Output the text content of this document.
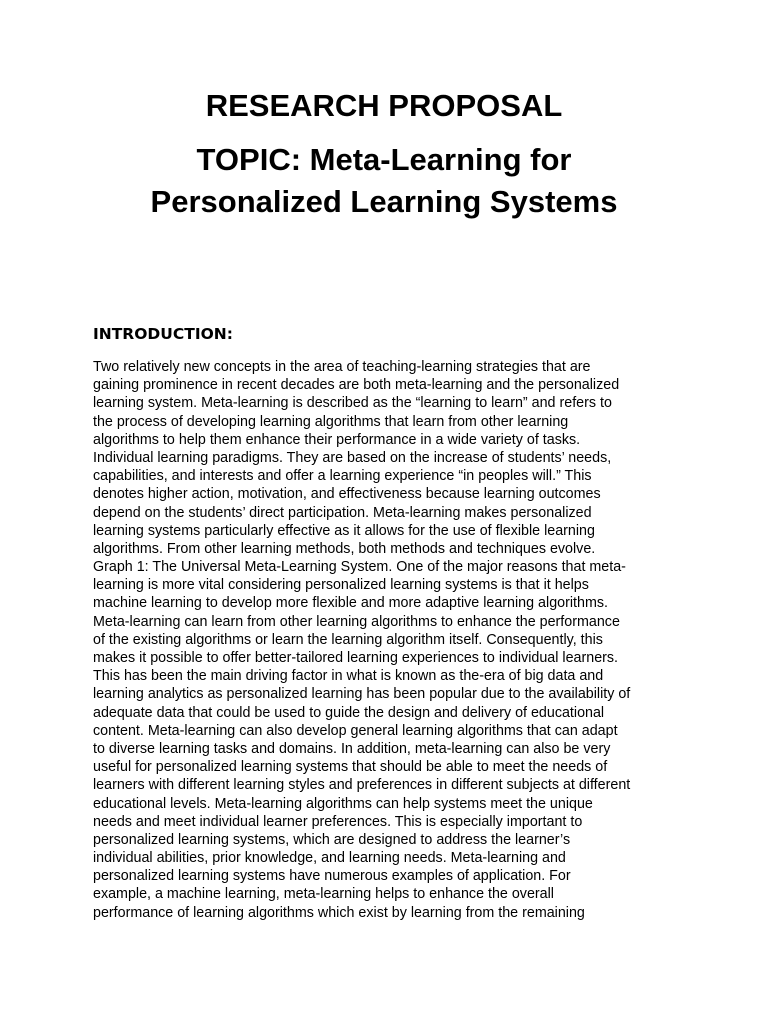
RESEARCH PROPOSAL
TOPIC: Meta-Learning for
Personalized Learning Systems
INTRODUCTION:
Two relatively new concepts in the area of teaching-learning strategies that are
gaining prominence in recent decades are both meta-learning and the personalized
learning system. Meta-learning is described as the “learning to learn” and refers to
the process of developing learning algorithms that learn from other learning
algorithms to help them enhance their performance in a wide variety of tasks.
Individual learning paradigms. They are based on the increase of students’ needs,
capabilities, and interests and offer a learning experience “in peoples will.” This
denotes higher action, motivation, and effectiveness because learning outcomes
depend on the students’ direct participation. Meta-learning makes personalized
learning systems particularly effective as it allows for the use of flexible learning
algorithms. From other learning methods, both methods and techniques evolve.
Graph 1: The Universal Meta-Learning System. One of the major reasons that meta-
learning is more vital considering personalized learning systems is that it helps
machine learning to develop more flexible and more adaptive learning algorithms.
Meta-learning can learn from other learning algorithms to enhance the performance
of the existing algorithms or learn the learning algorithm itself. Consequently, this
makes it possible to offer better-tailored learning experiences to individual learners.
This has been the main driving factor in what is known as the-era of big data and
learning analytics as personalized learning has been popular due to the availability of
adequate data that could be used to guide the design and delivery of educational
content. Meta-learning can also develop general learning algorithms that can adapt
to diverse learning tasks and domains. In addition, meta-learning can also be very
useful for personalized learning systems that should be able to meet the needs of
learners with different learning styles and preferences in different subjects at different
educational levels. Meta-learning algorithms can help systems meet the unique
needs and meet individual learner preferences. This is especially important to
personalized learning systems, which are designed to address the learner’s
individual abilities, prior knowledge, and learning needs. Meta-learning and
personalized learning systems have numerous examples of application. For
example, a machine learning, meta-learning helps to enhance the overall
performance of learning algorithms which exist by learning from the remaining
